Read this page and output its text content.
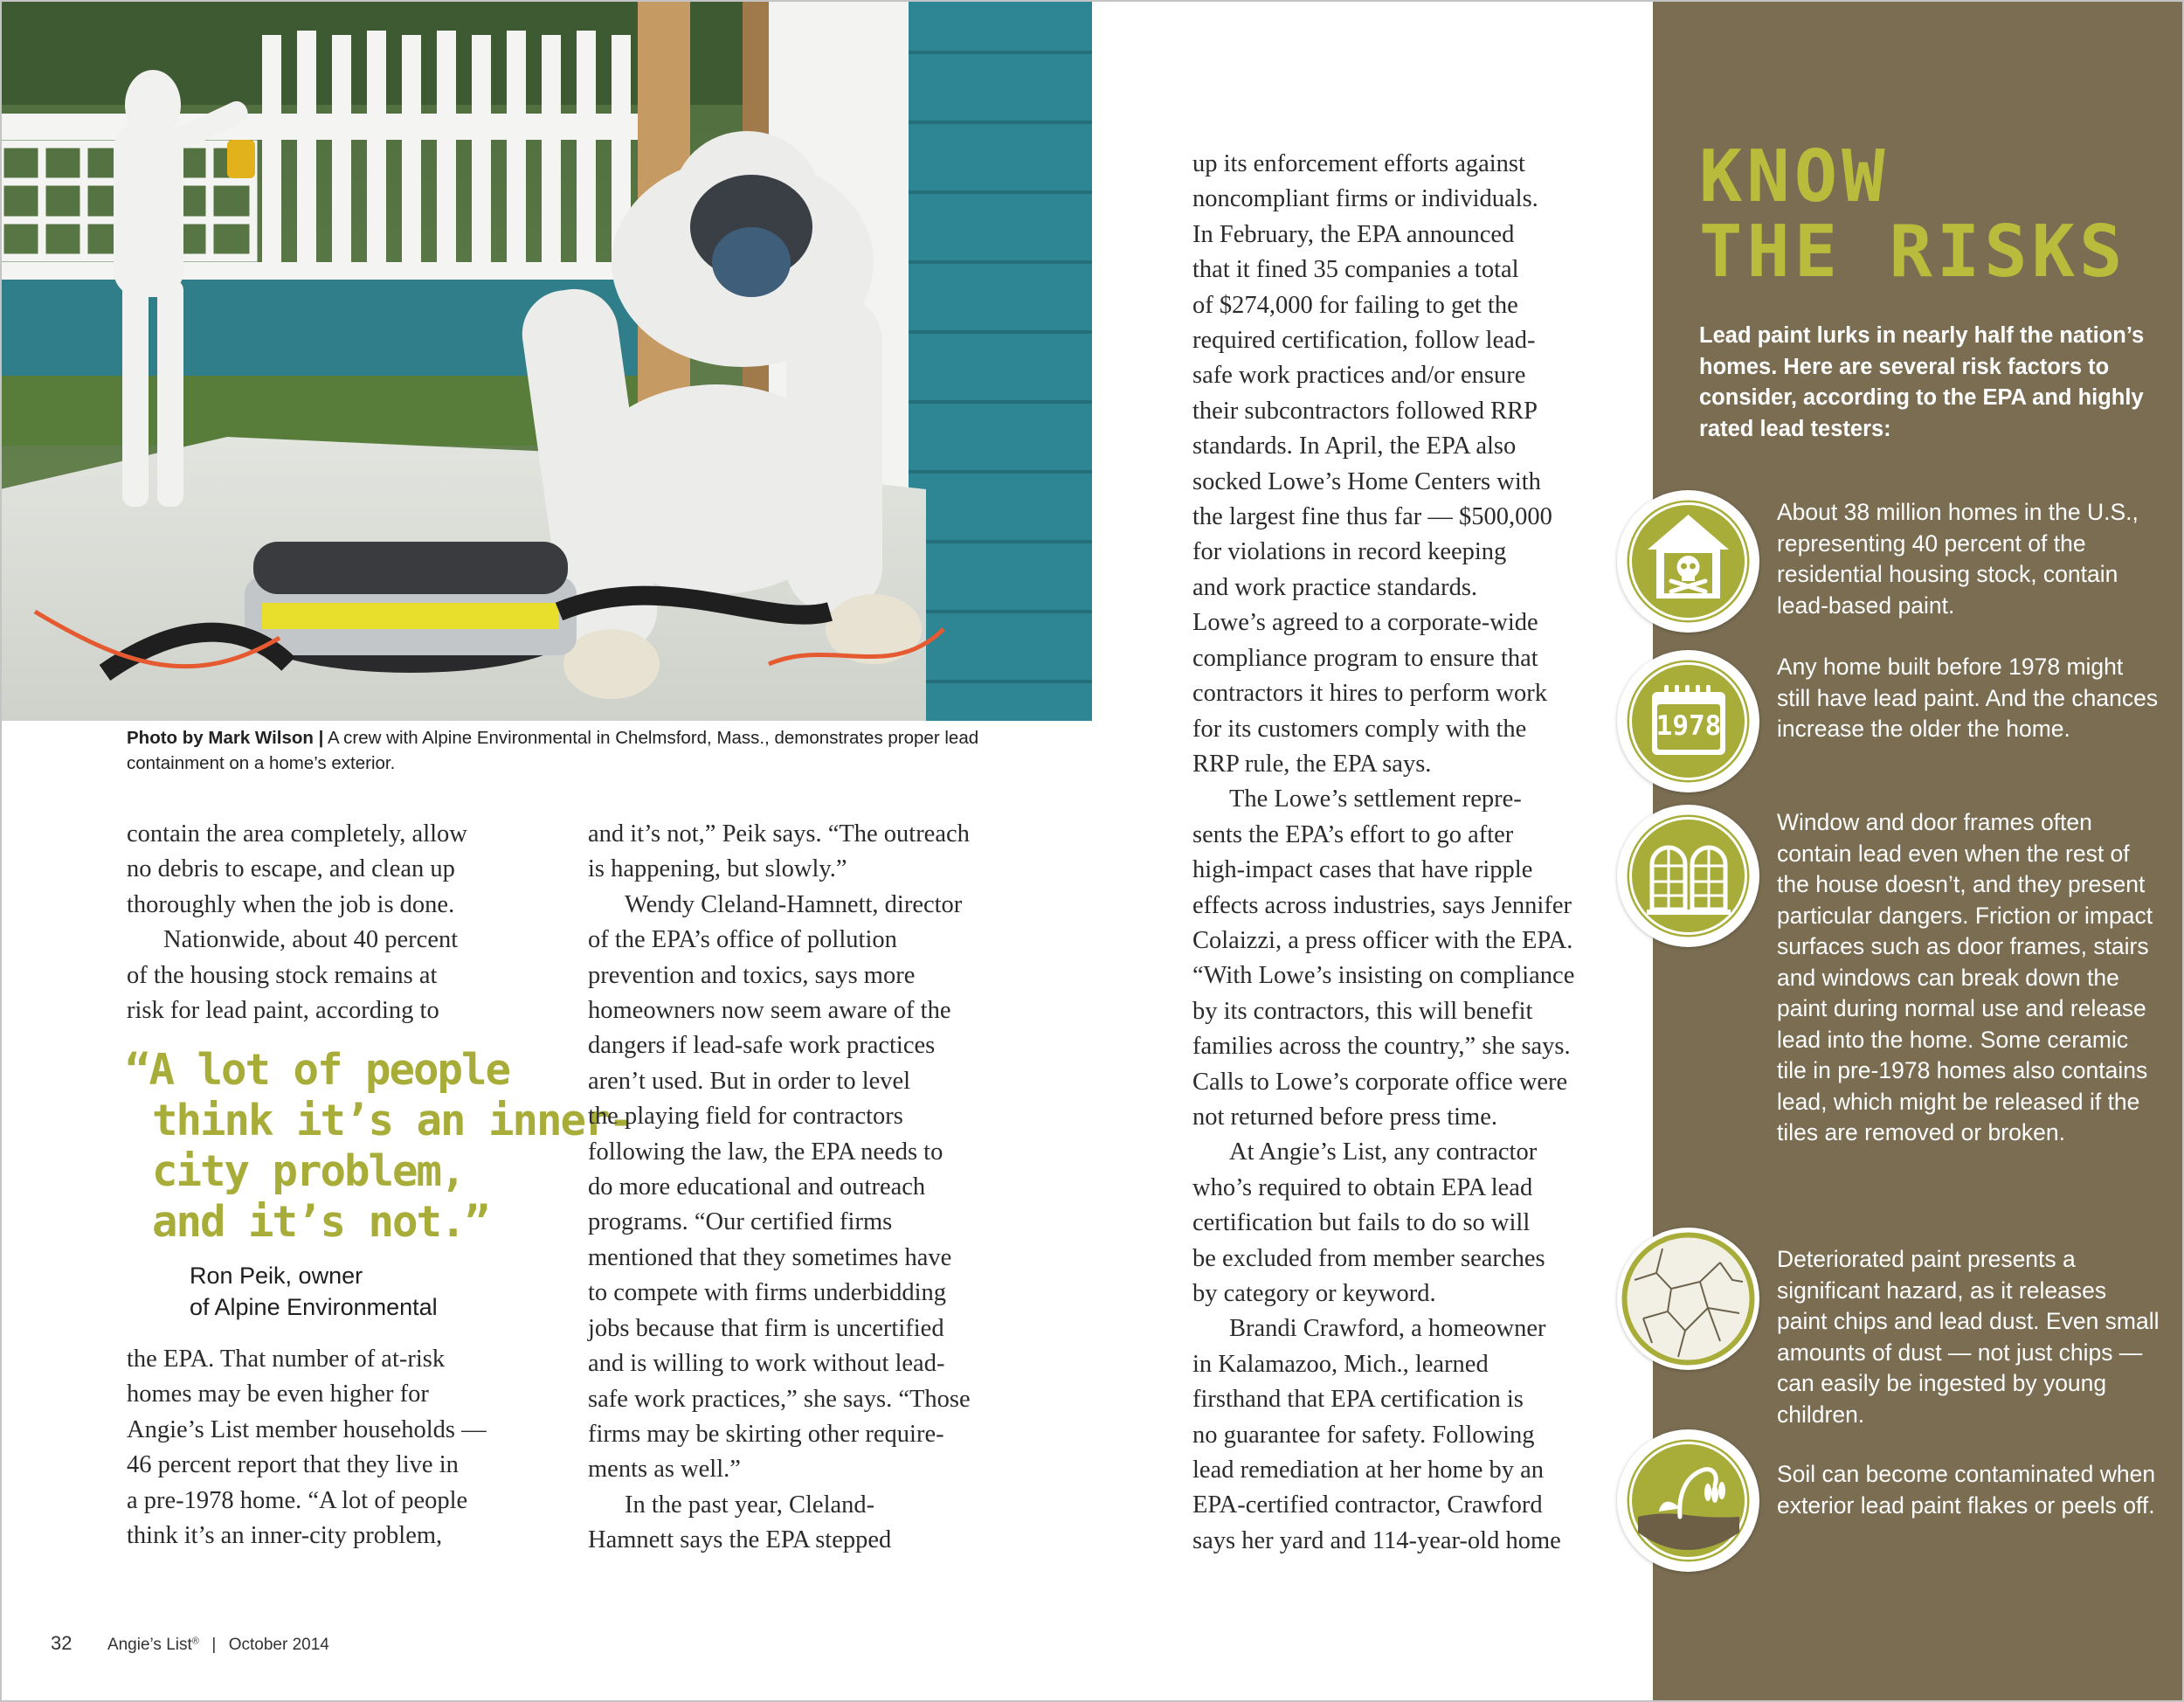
Photo by Mark Wilson | A crew with Alpine Environmental in Chelmsford, Mass., demonstrates proper lead containment on a home’s exterior.

contain the area completely, allow

no debris to escape, and clean up

thoroughly when the job is done.

Nationwide, about 40 percent

of the housing stock remains at

risk for lead paint, according to

“A lot of people
think it’s an inner-
city problem,
and it’s not.”
Ron Peik, owner
of Alpine Environmental

the EPA. That number of at-risk

homes may be even higher for

Angie’s List member households —

46 percent report that they live in

a pre-1978 home. “A lot of people

think it’s an inner-city problem,

and it’s not,” Peik says. “The outreach

is happening, but slowly.”

Wendy Cleland-Hamnett, director

of the EPA’s office of pollution

prevention and toxics, says more

homeowners now seem aware of the

dangers if lead-safe work practices

aren’t used. But in order to level

the playing field for contractors

following the law, the EPA needs to

do more educational and outreach

programs. “Our certified firms

mentioned that they sometimes have

to compete with firms underbidding

jobs because that firm is uncertified

and is willing to work without lead-

safe work practices,” she says. “Those

firms may be skirting other require-

ments as well.”

In the past year, Cleland-

Hamnett says the EPA stepped

up its enforcement efforts against

noncompliant firms or individuals.

In February, the EPA announced

that it fined 35 companies a total

of $274,000 for failing to get the

required certification, follow lead-

safe work practices and/or ensure

their subcontractors followed RRP

standards. In April, the EPA also

socked Lowe’s Home Centers with

the largest fine thus far — $500,000

for violations in record keeping

and work practice standards.

Lowe’s agreed to a corporate-wide

compliance program to ensure that

contractors it hires to perform work

for its customers comply with the

RRP rule, the EPA says.

The Lowe’s settlement repre-

sents the EPA’s effort to go after

high-impact cases that have ripple

effects across industries, says Jennifer

Colaizzi, a press officer with the EPA.

“With Lowe’s insisting on compliance

by its contractors, this will benefit

families across the country,” she says.

Calls to Lowe’s corporate office were

not returned before press time.

At Angie’s List, any contractor

who’s required to obtain EPA lead

certification but fails to do so will

be excluded from member searches

by category or keyword.

Brandi Crawford, a homeowner

in Kalamazoo, Mich., learned

firsthand that EPA certification is

no guarantee for safety. Following

lead remediation at her home by an

EPA-certified contractor, Crawford

says her yard and 114-year-old home

32 Angie’s List® | October 2014
KNOW
THE RISKS
Lead paint lurks in nearly half the nation’s homes. Here are several risk factors to consider, according to the EPA and highly rated lead testers:
About 38 million homes in the U.S., representing 40 percent of the residential housing stock, contain lead-based paint.
1978
Any home built before 1978 might still have lead paint. And the chances increase the older the home.
Window and door frames often contain lead even when the rest of the house doesn’t, and they present particular dangers. Friction or impact surfaces such as door frames, stairs and windows can break down the paint during normal use and release lead into the home. Some ceramic tile in pre-1978 homes also contains lead, which might be released if the tiles are removed or broken.
Deteriorated paint presents a significant hazard, as it releases paint chips and lead dust. Even small amounts of dust — not just chips — can easily be ingested by young children.
Soil can become contaminated when exterior lead paint flakes or peels off.
